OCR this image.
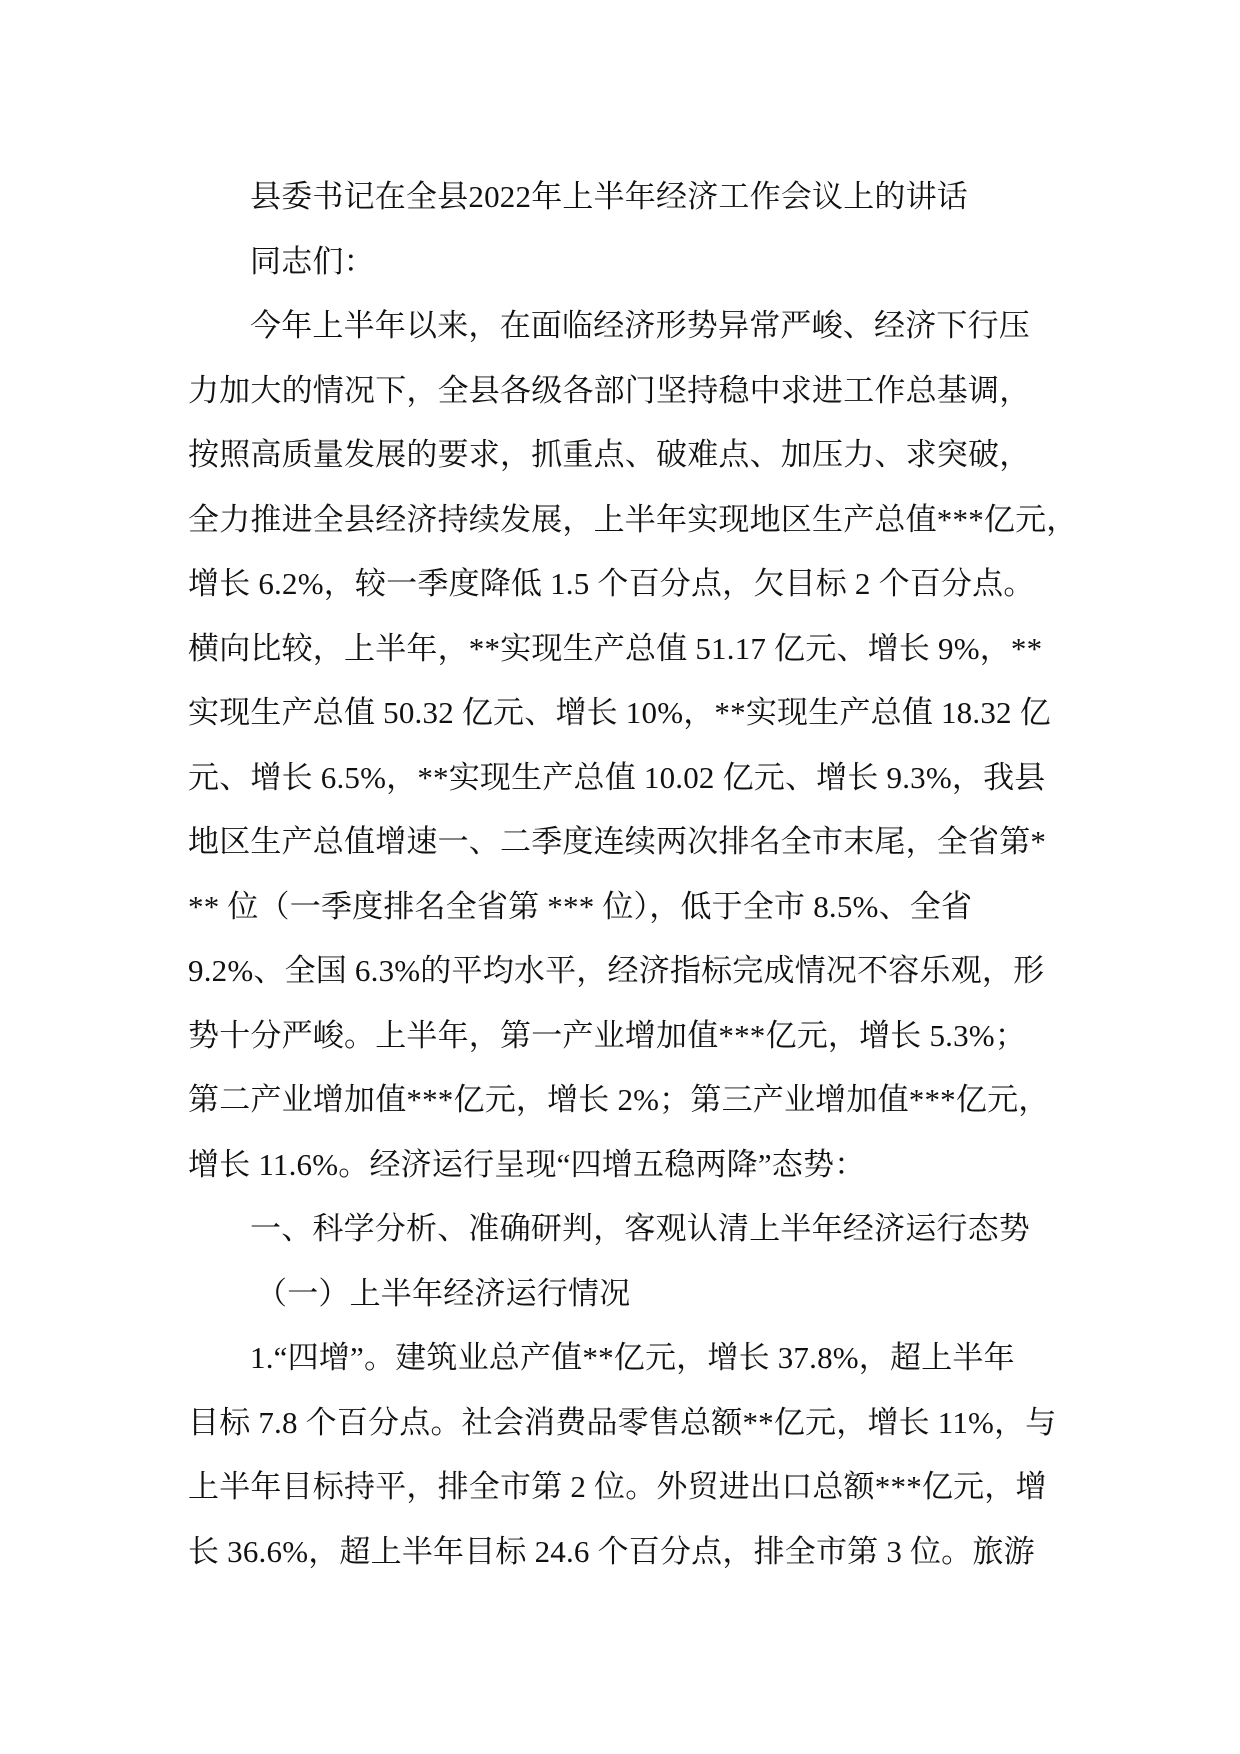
县委书记在全县2022年上半年经济工作会议上的讲话
同志们：
今年上半年以来，在面临经济形势异常严峻、经济下行压
力加大的情况下，全县各级各部门坚持稳中求进工作总基调，
按照高质量发展的要求，抓重点、破难点、加压力、求突破，
全力推进全县经济持续发展，上半年实现地区生产总值***亿元，
增长 6.2%，较一季度降低 1.5 个百分点，欠目标 2 个百分点。
横向比较，上半年，**实现生产总值 51.17 亿元、增长 9%，**
实现生产总值 50.32 亿元、增长 10%，**实现生产总值 18.32 亿
元、增长 6.5%，**实现生产总值 10.02 亿元、增长 9.3%，我县
地区生产总值增速一、二季度连续两次排名全市末尾，全省第*
** 位（一季度排名全省第 *** 位），低于全市 8.5%、全省
9.2%、全国 6.3%的平均水平，经济指标完成情况不容乐观，形
势十分严峻。上半年，第一产业增加值***亿元，增长 5.3%；
第二产业增加值***亿元，增长 2%；第三产业增加值***亿元，
增长 11.6%。经济运行呈现“四增五稳两降”态势：
一、科学分析、准确研判，客观认清上半年经济运行态势
（一）上半年经济运行情况
1.“四增”。建筑业总产值**亿元，增长 37.8%，超上半年
目标 7.8 个百分点。社会消费品零售总额**亿元，增长 11%，与
上半年目标持平，排全市第 2 位。外贸进出口总额***亿元，增
长 36.6%，超上半年目标 24.6 个百分点，排全市第 3 位。旅游
